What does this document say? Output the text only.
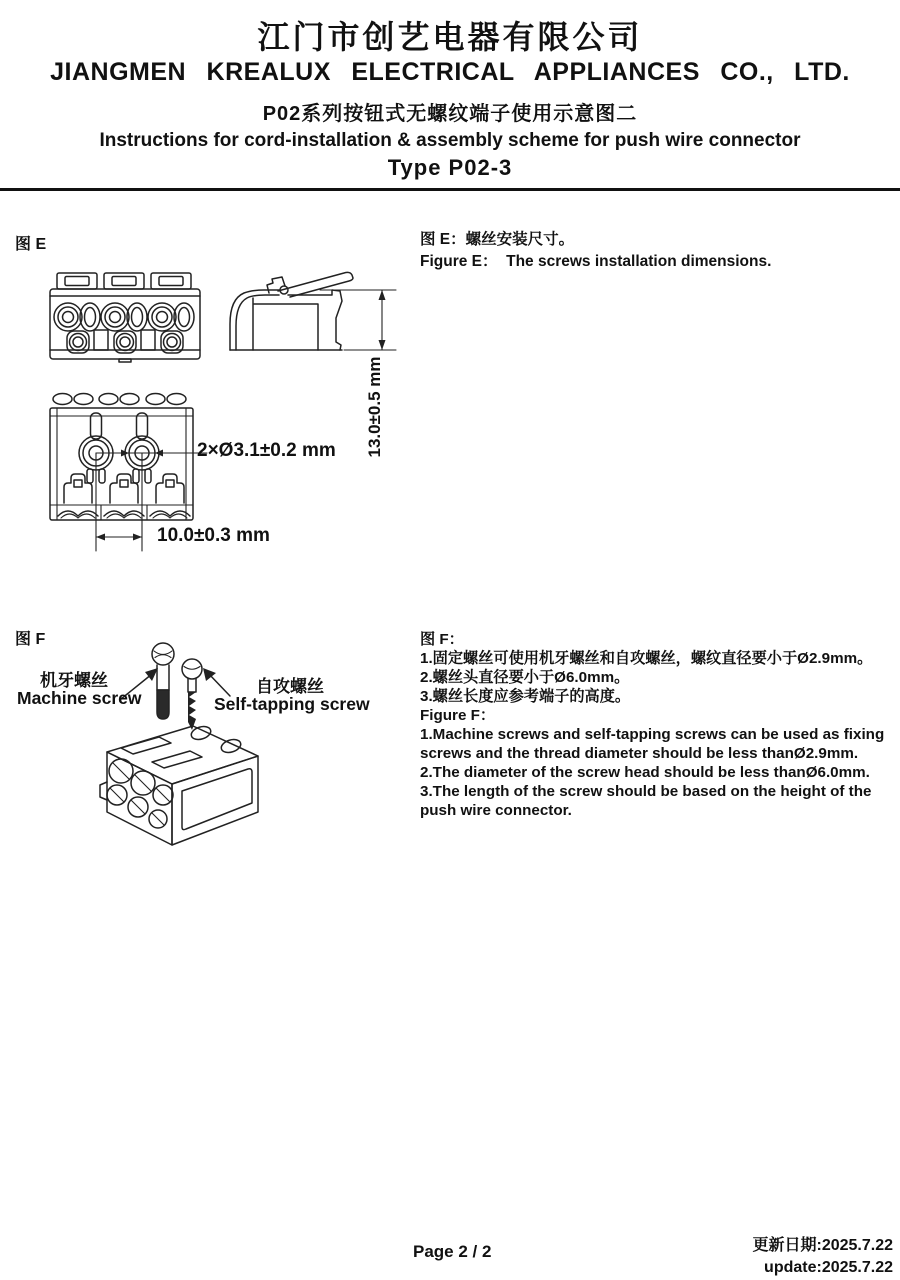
江门市创艺电器有限公司
JIANGMEN KREALUX ELECTRICAL APPLIANCES CO., LTD.
P02系列按钮式无螺纹端子使用示意图二
Instructions for cord-installation & assembly scheme for push wire connector
Type P02-3
图 E	图 E：螺丝安装尺寸。
Figure E：  The screws installation dimensions.
13.0±0.5 mm
2×Ø3.1±0.2 mm
10.0±0.3 mm
图 F
机牙螺丝
Machine screw
自攻螺丝
Self-tapping screw
图 F：
1.固定螺丝可使用机牙螺丝和自攻螺丝，螺纹直径要小于Ø2.9mm。
2.螺丝头直径要小于Ø6.0mm。
3.螺丝长度应参考端子的高度。
Figure F：
1.Machine screws and self-tapping screws can be used as fixing screws and the thread diameter should be less thanØ2.9mm.
2.The diameter of the screw head should be less thanØ6.0mm.
3.The length of the screw should be based on the height of the push wire connector.
Page 2 / 2	更新日期:2025.7.22
update:2025.7.22
